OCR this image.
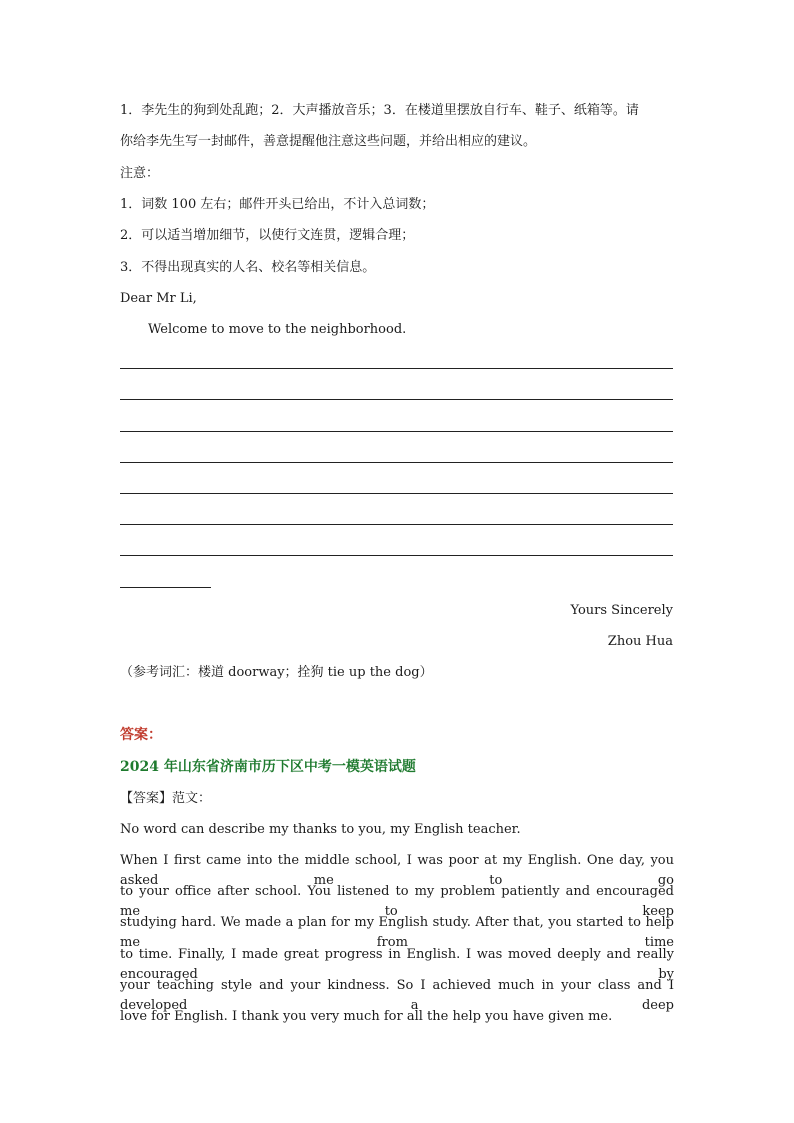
1．李先生的狗到处乱跑；2．大声播放音乐；3．在楼道里摆放自行车、鞋子、纸箱等。请
你给李先生写一封邮件，善意提醒他注意这些问题，并给出相应的建议。
注意：
1．词数 100 左右；邮件开头已给出，不计入总词数；
2．可以适当增加细节，以使行文连贯，逻辑合理；
3．不得出现真实的人名、校名等相关信息。
Dear Mr Li,
Welcome to move to the neighborhood.
Yours Sincerely
Zhou Hua
（参考词汇：楼道 doorway；拴狗 tie up the dog）
答案：
2024 年山东省济南市历下区中考一模英语试题
【答案】范文：
No word can describe my thanks to you, my English teacher.
When I first came into the middle school, I was poor at my English. One day, you asked me to go
to your office after school. You listened to my problem patiently and encouraged me to keep
studying hard. We made a plan for my English study. After that, you started to help me from time
to time. Finally, I made great progress in English. I was moved deeply and really encouraged by
your teaching style and your kindness. So I achieved much in your class and I developed a deep
love for English. I thank you very much for all the help you have given me.
